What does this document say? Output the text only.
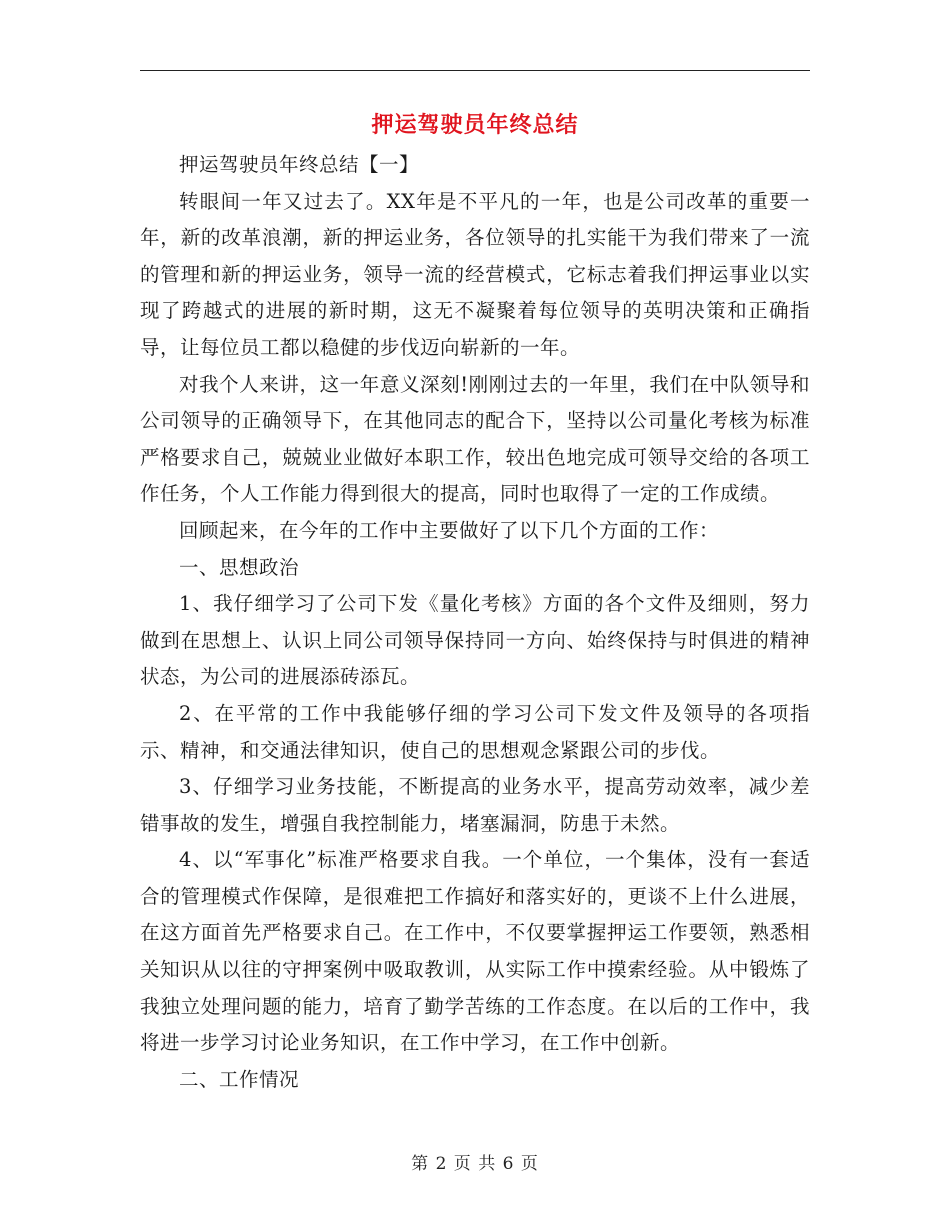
押运驾驶员年终总结

押运驾驶员年终总结【一】

转眼间一年又过去了。XX年是不平凡的一年，也是公司改革的重要一年，新的改革浪潮，新的押运业务，各位领导的扎实能干为我们带来了一流的管理和新的押运业务，领导一流的经营模式，它标志着我们押运事业以实现了跨越式的进展的新时期，这无不凝聚着每位领导的英明决策和正确指导，让每位员工都以稳健的步伐迈向崭新的一年。

对我个人来讲，这一年意义深刻!刚刚过去的一年里，我们在中队领导和公司领导的正确领导下，在其他同志的配合下，坚持以公司量化考核为标准严格要求自己，兢兢业业做好本职工作，较出色地完成可领导交给的各项工作任务，个人工作能力得到很大的提高，同时也取得了一定的工作成绩。

回顾起来，在今年的工作中主要做好了以下几个方面的工作：

一、思想政治

1、我仔细学习了公司下发《量化考核》方面的各个文件及细则，努力做到在思想上、认识上同公司领导保持同一方向、始终保持与时俱进的精神状态，为公司的进展添砖添瓦。

2、在平常的工作中我能够仔细的学习公司下发文件及领导的各项指示、精神，和交通法律知识，使自己的思想观念紧跟公司的步伐。

3、仔细学习业务技能，不断提高的业务水平，提高劳动效率，减少差错事故的发生，增强自我控制能力，堵塞漏洞，防患于未然。

4、以“军事化”标准严格要求自我。一个单位，一个集体，没有一套适合的管理模式作保障，是很难把工作搞好和落实好的，更谈不上什么进展，在这方面首先严格要求自己。在工作中，不仅要掌握押运工作要领，熟悉相关知识从以往的守押案例中吸取教训，从实际工作中摸索经验。从中锻炼了我独立处理问题的能力，培育了勤学苦练的工作态度。在以后的工作中，我将进一步学习讨论业务知识，在工作中学习，在工作中创新。

二、工作情况

第 2 页 共 6 页
